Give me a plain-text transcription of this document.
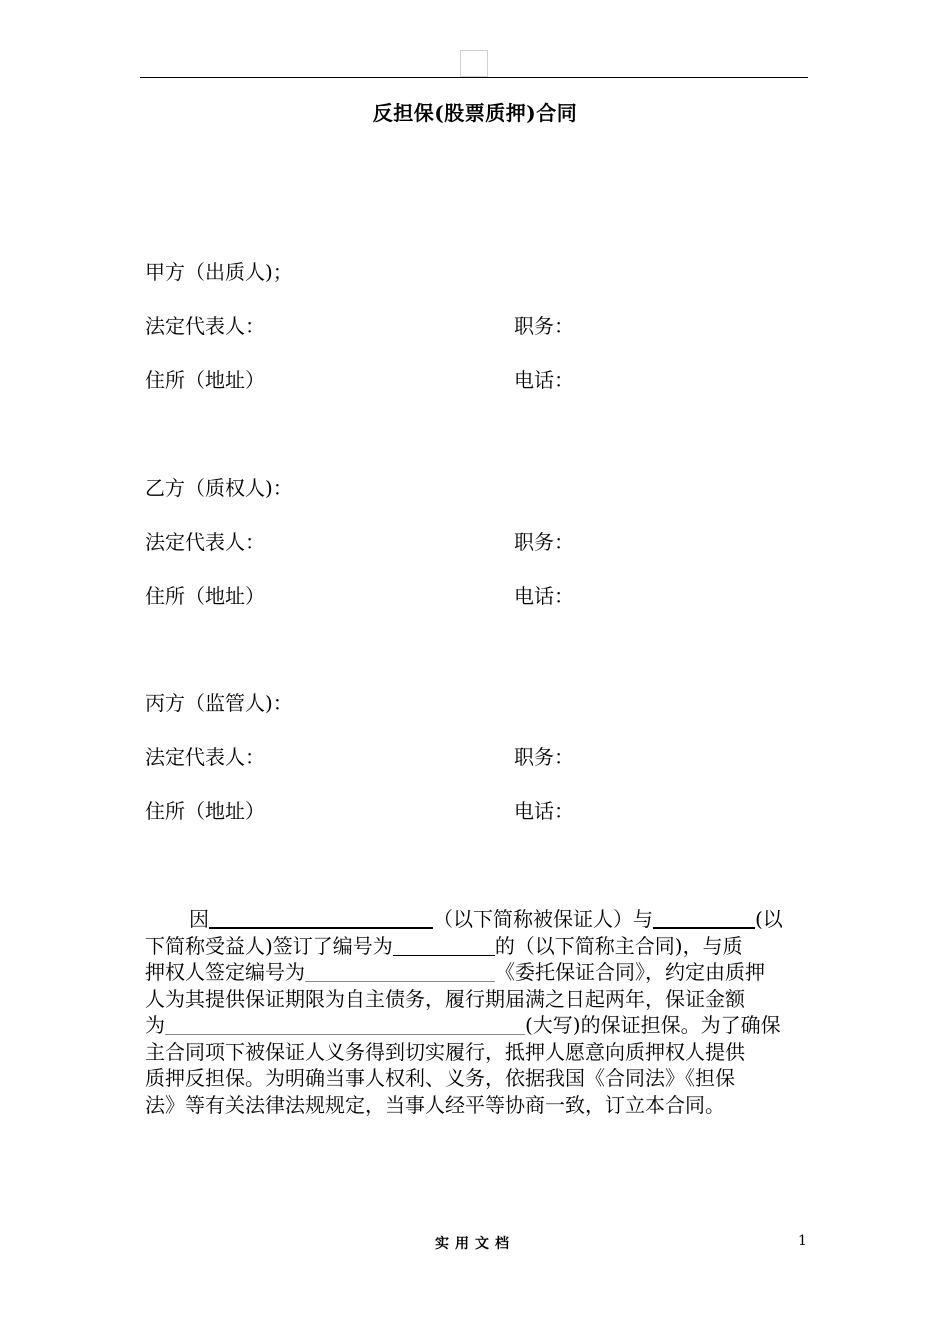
反担保(股票质押)合同
甲方（出质人)；
法定代表人：	职务：
住所（地址）	电话：
乙方（质权人)：
法定代表人：	职务：
住所（地址）	电话：
丙方（监管人)：
法定代表人：	职务：
住所（地址）	电话：
因	（以下简称被保证人）与	(以
下简称受益人)签订了编号为	的（以下简称主合同)，与质
押权人签定编号为	《委托保证合同》，约定由质押
人为其提供保证期限为自主债务，履行期届满之日起两年，保证金额
为	(大写)的保证担保。为了确保
主合同项下被保证人义务得到切实履行，抵押人愿意向质押权人提供
质押反担保。为明确当事人权利、义务，依据我国《合同法》《担保
法》等有关法律法规规定，当事人经平等协商一致，订立本合同。
实用文档	1
